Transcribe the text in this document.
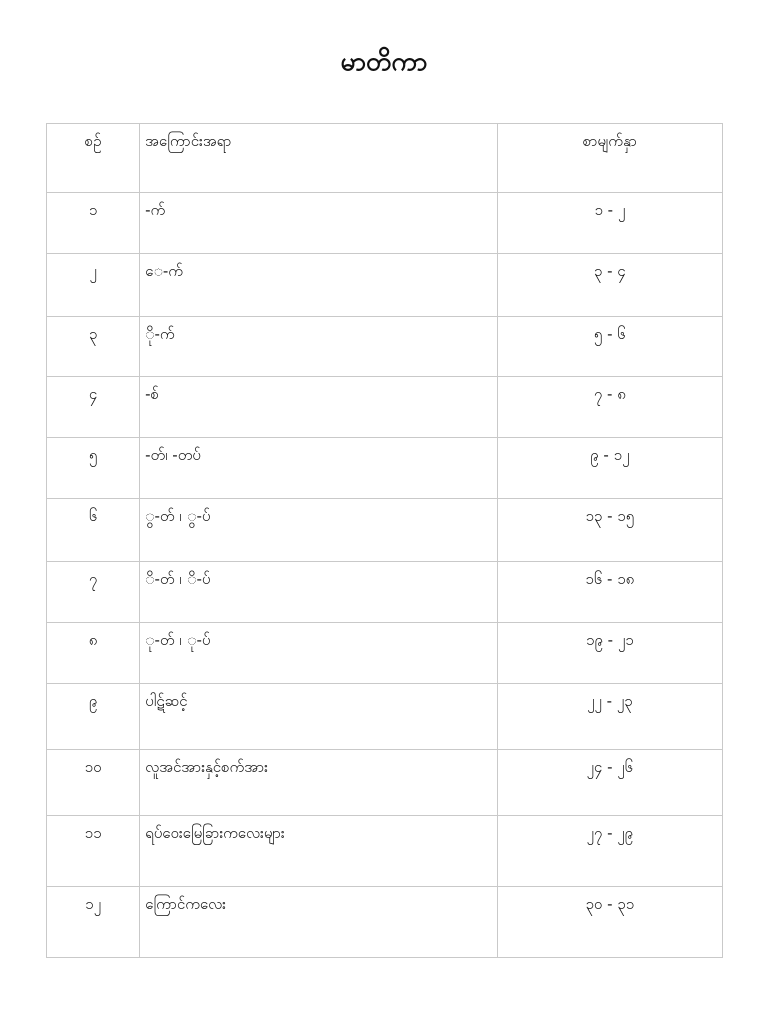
မာတိကာ
စဥ်	အကြောင်းအရာ	စာမျက်နှာ
၁	-က်	၁ - ၂
၂	ေ-က်	၃ - ၄
၃	ို-က်	၅ - ၆
၄	-စ်	၇ - ၈
၅	-တ်၊ -တပ်	၉ - ၁၂
၆	ွ-တ် ၊ ွ-ပ်	၁၃ - ၁၅
၇	ိ-တ် ၊ ိ-ပ်	၁၆ - ၁၈
၈	ု-တ် ၊ ု-ပ်	၁၉ - ၂၁
၉	ပါဋ်ဆင့်	၂၂ - ၂၃
၁၀	လူအင်အားနှင့်စက်အား	၂၄ - ၂၆
၁၁	ရပ်ဝေးမြေခြားကလေးများ	၂၇ - ၂၉
၁၂	ကြောင်ကလေး	၃၀ - ၃၁
